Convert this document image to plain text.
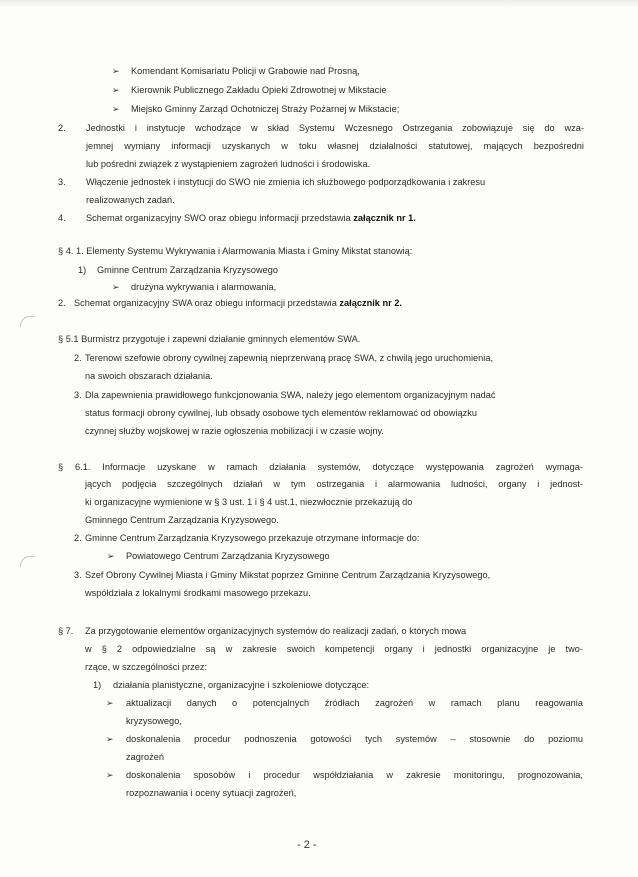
➢ Komendant Komisariatu Policji w Grabowie nad Prosną,
➢ Kierownik Publicznego Zakładu Opieki Zdrowotnej w Mikstacie
➢ Miejsko Gminny Zarząd Ochotniczej Straży Pożarnej w Mikstacie;
2. Jednostki i instytucje wchodzące w skład Systemu Wczesnego Ostrzegania zobowiązuje się do wza-
jemnej wymiany informacji uzyskanych w toku własnej działalności statutowej, mających bezpośredni
lub pośredni związek z wystąpieniem zagrożeń ludności i środowiska.
3. Włączenie jednostek i instytucji do SWO nie zmienia ich służbowego podporządkowania i zakresu
realizowanych zadań.
4. Schemat organizacyjny SWO oraz obiegu informacji przedstawia załącznik nr 1.
§ 4. 1. Elementy Systemu Wykrywania i Alarmowania Miasta i Gminy Mikstat stanowią:
1) Gminne Centrum Zarządzania Kryzysowego
➢ drużyna wykrywania i alarmowania,
2. Schemat organizacyjny SWA oraz obiegu informacji przedstawia załącznik nr 2.
§ 5.1 Burmistrz przygotuje i zapewni działanie gminnych elementów SWA.
2. Terenowi szefowie obrony cywilnej zapewnią nieprzerwaną pracę SWA, z chwilą jego uruchomienia,
na swoich obszarach działania.
3. Dla zapewnienia prawidłowego funkcjonowania SWA, należy jego elementom organizacyjnym nadać
status formacji obrony cywilnej, lub obsady osobowe tych elementów reklamować od obowiązku
czynnej służby wojskowej w razie ogłoszenia mobilizacji i w czasie wojny.
§ 6.1. Informacje uzyskane w ramach działania systemów, dotyczące występowania zagrożeń wymaga-
jących podjęcia szczególnych działań w tym ostrzegania i alarmowania ludności, organy i jednost-
ki organizacyjne wymienione w § 3 ust. 1 i § 4 ust.1, niezwłocznie przekazują do
Gminnego Centrum Zarządzania Kryzysowego.
2. Gminne Centrum Zarządzania Kryzysowego przekazuje otrzymane informacje do:
➢ Powiatowego Centrum Zarządzania Kryzysowego
3. Szef Obrony Cywilnej Miasta i Gminy Mikstat poprzez Gminne Centrum Zarządzania Kryzysowego,
współdziała z lokalnymi środkami masowego przekazu.
§ 7. Za przygotowanie elementów organizacyjnych systemów do realizacji zadań, o których mowa
w § 2 odpowiedzialne są w zakresie swoich kompetencji organy i jednostki organizacyjne je two-
rzące, w szczególności przez:
1) działania planistyczne, organizacyjne i szkoleniowe dotyczące:
➢ aktualizacji danych o potencjalnych źródłach zagrożeń w ramach planu reagowania
kryzysowego,
➢ doskonalenia procedur podnoszenia gotowości tych systemów – stosownie do poziomu
zagrożeń
➢ doskonalenia sposobów i procedur współdziałania w zakresie monitoringu, prognozowania,
rozpoznawania i oceny sytuacji zagrożeń,
- 2 -
